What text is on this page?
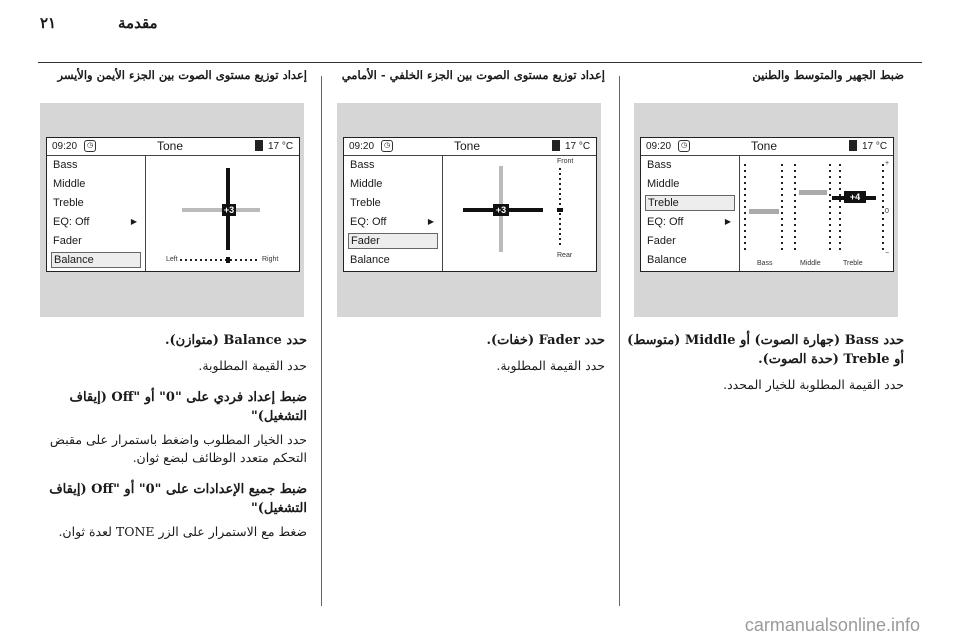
٢١	مقدمة
ضبط الجهير والمتوسط والطنين
09:20	◷	Tone	17 °C
Bass
Middle
Treble
EQ: Off	▶
Fader
Balance
+4
+
0
−
Bass	Middle	Treble

حدد Bass (جهارة الصوت) أو Middle (متوسط) أو Treble (حدة الصوت).

حدد القيمة المطلوبة للخيار المحدد.

إعداد توزيع مستوى الصوت بين الجزء الخلفي - الأمامي
09:20	◷	Tone	17 °C
Bass
Middle
Treble
EQ: Off	▶
Fader
Balance
+3
Front
Rear

حدد Fader (خفات).

حدد القيمة المطلوبة.

إعداد توزيع مستوى الصوت بين الجزء الأيمن والأيسر
09:20	◷	Tone	17 °C
Bass
Middle
Treble
EQ: Off	▶
Fader
Balance
+3
Left	Right

حدد Balance (متوازن).

حدد القيمة المطلوبة.

ضبط إعداد فردي على "0" أو "Off (إيقاف التشغيل)"

حدد الخيار المطلوب واضغط باستمرار على مقبض التحكم متعدد الوظائف لبضع ثوان.

ضبط جميع الإعدادات على "0" أو "Off (إيقاف التشغيل)"

ضغط مع الاستمرار على الزر TONE لعدة ثوان.

carmanualsonline.info
